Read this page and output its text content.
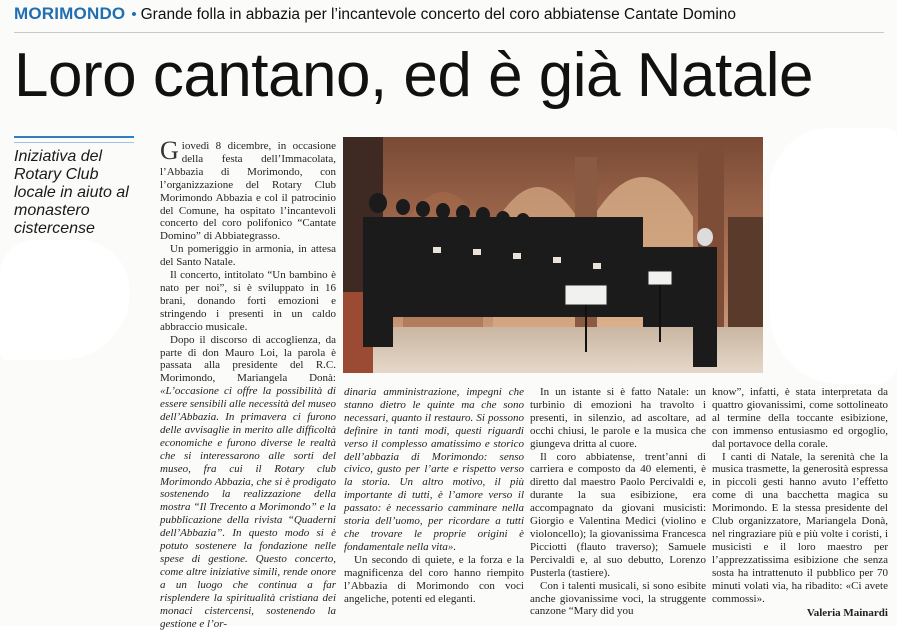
MORIMONDO • Grande folla in abbazia per l’incantevole concerto del coro abbiatense Cantate Domino
Loro cantano, ed è già Natale
Iniziativa del Rotary Club locale in aiuto al monastero cistercense

Giovedì 8 dicembre, in occasione della festa dell’Immacolata, l’Abbazia di Morimondo, con l’organizzazione del Rotary Club Morimondo Abbazia e col il patrocinio del Comune, ha ospitato l’incantevoli concerto del coro polifonico “Cantate Domino” di Abbiategrasso.

Un pomeriggio in armonia, in attesa del Santo Natale.

Il concerto, intitolato “Un bambino è nato per noi”, si è sviluppato in 16 brani, donando forti emozioni e stringendo i presenti in un caldo abbraccio musicale.

Dopo il discorso di accoglienza, da parte di don Mauro Loi, la parola è passata alla presidente del R.C. Morimondo, Mariangela Donà: «L’occasione ci offre la possibilità di essere sensibili alle necessità del museo dell’Abbazia. In primavera ci furono delle avvisaglie in merito alle difficoltà economiche e furono diverse le realtà che si interessarono alle sorti del museo, fra cui il Rotary club Morimondo Abbazia, che si è prodigato sostenendo la realizzazione della mostra “Il Trecento a Morimondo” e la pubblicazione della rivista “Quaderni dell’Abbazia”. In questo modo si è potuto sostenere la fondazione nelle spese di gestione. Questo concerto, come altre iniziative simili, rende onore a un luogo che continua a far risplendere la spiritualità cristiana dei monaci cistercensi, sostenendo la gestione e l’or-

dinaria amministrazione, impegni che stanno dietro le quinte ma che sono necessari, quanto il restauro. Si possono definire in tanti modi, questi riguardi verso il complesso amatissimo e storico dell’abbazia di Morimondo: senso civico, gusto per l’arte e rispetto verso la storia. Un altro motivo, il più importante di tutti, è l’amore verso il passato: è necessario camminare nella storia dell’uomo, per ricordare a tutti che trovare le proprie origini è fondamentale nella vita».

Un secondo di quiete, e la forza e la magnificenza del coro hanno riempito l’Abbazia di Morimondo con voci angeliche, potenti ed eleganti.

In un istante si è fatto Natale: un turbinio di emozioni ha travolto i presenti, in silenzio, ad ascoltare, ad occhi chiusi, le parole e la musica che giungeva dritta al cuore.

Il coro abbiatense, trent’anni di carriera e composto da 40 elementi, è diretto dal maestro Paolo Percivaldi e, durante la sua esibizione, era accompagnato da giovani musicisti: Giorgio e Valentina Medici (violino e violoncello); la giovanissima Francesca Picciotti (flauto traverso); Samuele Percivaldi e, al suo debutto, Lorenzo Pusterla (tastiere).

Con i talenti musicali, si sono esibite anche giovanissime voci, la struggente canzone “Mary did you

know”, infatti, è stata interpretata da quattro giovanissimi, come sottolineato al termine della toccante esibizione, con immenso entusiasmo ed orgoglio, dal portavoce della corale.

I canti di Natale, la serenità che la musica trasmette, la generosità espressa in piccoli gesti hanno avuto l’effetto come di una bacchetta magica su Morimondo. E la stessa presidente del Club organizzatore, Mariangela Donà, nel ringraziare più e più volte i coristi, i musicisti e il loro maestro per l’apprezzatissima esibizione che senza sosta ha intrattenuto il pubblico per 70 minuti volati via, ha ribadito: «Ci avete commossi».

Valeria Mainardi
